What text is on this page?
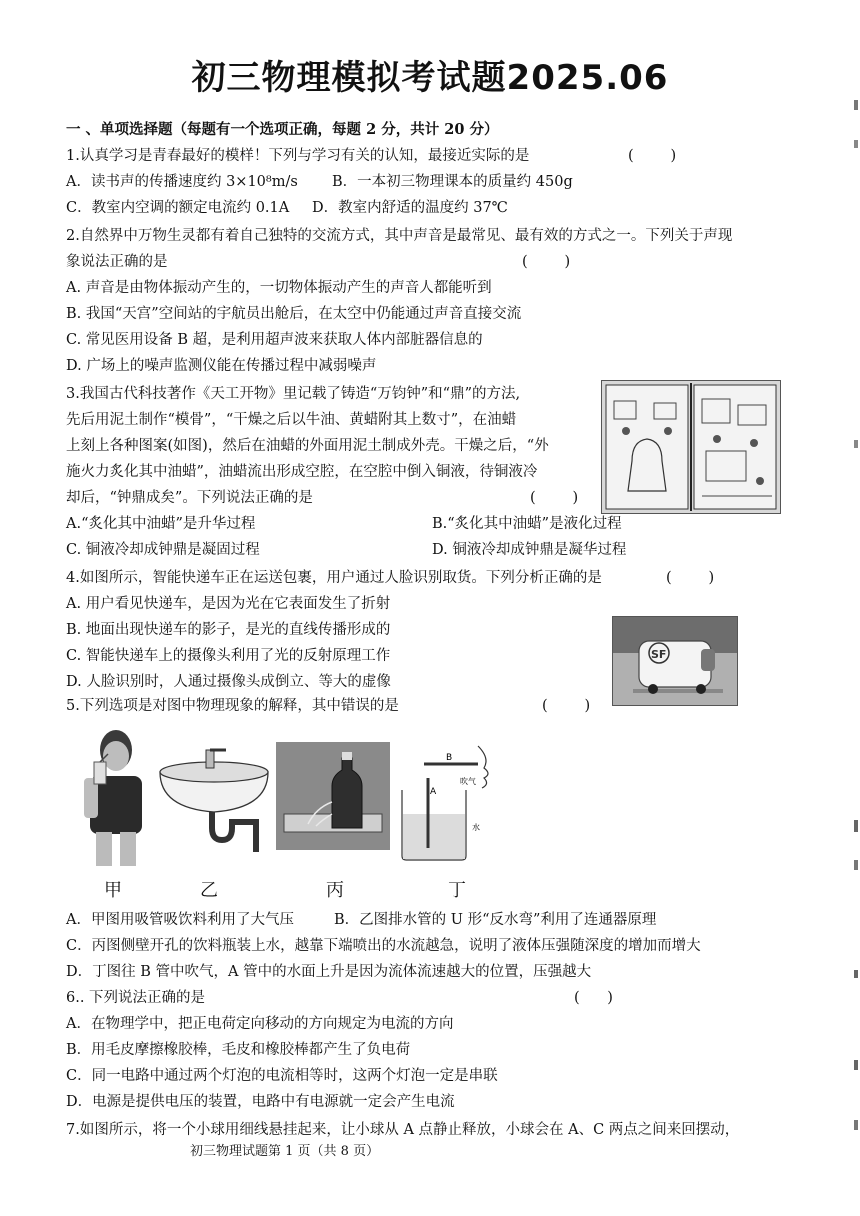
初三物理模拟考试题2025.06
一 、单项选择题（每题有一个选项正确，每题 2 分，共计 20 分）
1.认真学习是青春最好的模样！下列与学习有关的认知，最接近实际的是	(        )
A．读书声的传播速度约 3×10⁸m/s B．一本初三物理课本的质量约 450g
C．教室内空调的额定电流约 0.1A D．教室内舒适的温度约 37℃
2.自然界中万物生灵都有着自己独特的交流方式，其中声音是最常见、最有效的方式之一。下列关于声现
象说法正确的是	(        )
A. 声音是由物体振动产生的，一切物体振动产生的声音人都能听到
B. 我国“天宫”空间站的宇航员出舱后，在太空中仍能通过声音直接交流
C. 常见医用设备 B 超，是利用超声波来获取人体内部脏器信息的
D. 广场上的噪声监测仪能在传播过程中减弱噪声
3.我国古代科技著作《天工开物》里记载了铸造“万钧钟”和“鼎”的方法,
先后用泥土制作“模骨”，“干燥之后以牛油、黄蜡附其上数寸”，在油蜡
上刻上各种图案(如图)，然后在油蜡的外面用泥土制成外壳。干燥之后，“外
施火力炙化其中油蜡”，油蜡流出形成空腔，在空腔中倒入铜液，待铜液冷
却后，“钟鼎成矣”。下列说法正确的是	(        )
A.“炙化其中油蜡”是升华过程	B.“炙化其中油蜡”是液化过程
C. 铜液冷却成钟鼎是凝固过程	D. 铜液冷却成钟鼎是凝华过程
4.如图所示，智能快递车正在运送包裹，用户通过人脸识别取货。下列分析正确的是	(        )
A. 用户看见快递车，是因为光在它表面发生了折射
B. 地面出现快递车的影子，是光的直线传播形成的
C. 智能快递车上的摄像头利用了光的反射原理工作
D. 人脸识别时，人通过摄像头成倒立、等大的虚像
SF
5.下列选项是对图中物理现象的解释，其中错误的是	(        )
B
A
吹气
水
甲	乙	丙	丁
A．甲图用吸管吸饮料利用了大气压	B．乙图排水管的 U 形“反水弯”利用了连通器原理
C．丙图侧壁开孔的饮料瓶装上水，越靠下端喷出的水流越急，说明了液体压强随深度的增加而增大
D．丁图往 B 管中吹气，A 管中的水面上升是因为流体流速越大的位置，压强越大
6.. 下列说法正确的是	(      )
A．在物理学中，把正电荷定向移动的方向规定为电流的方向
B．用毛皮摩擦橡胶棒，毛皮和橡胶棒都产生了负电荷
C．同一电路中通过两个灯泡的电流相等时，这两个灯泡一定是串联
D．电源是提供电压的装置，电路中有电源就一定会产生电流
7.如图所示，将一个小球用细线悬挂起来，让小球从 A 点静止释放，小球会在 A、C 两点之间来回摆动，
初三物理试题第 1 页（共 8 页）
